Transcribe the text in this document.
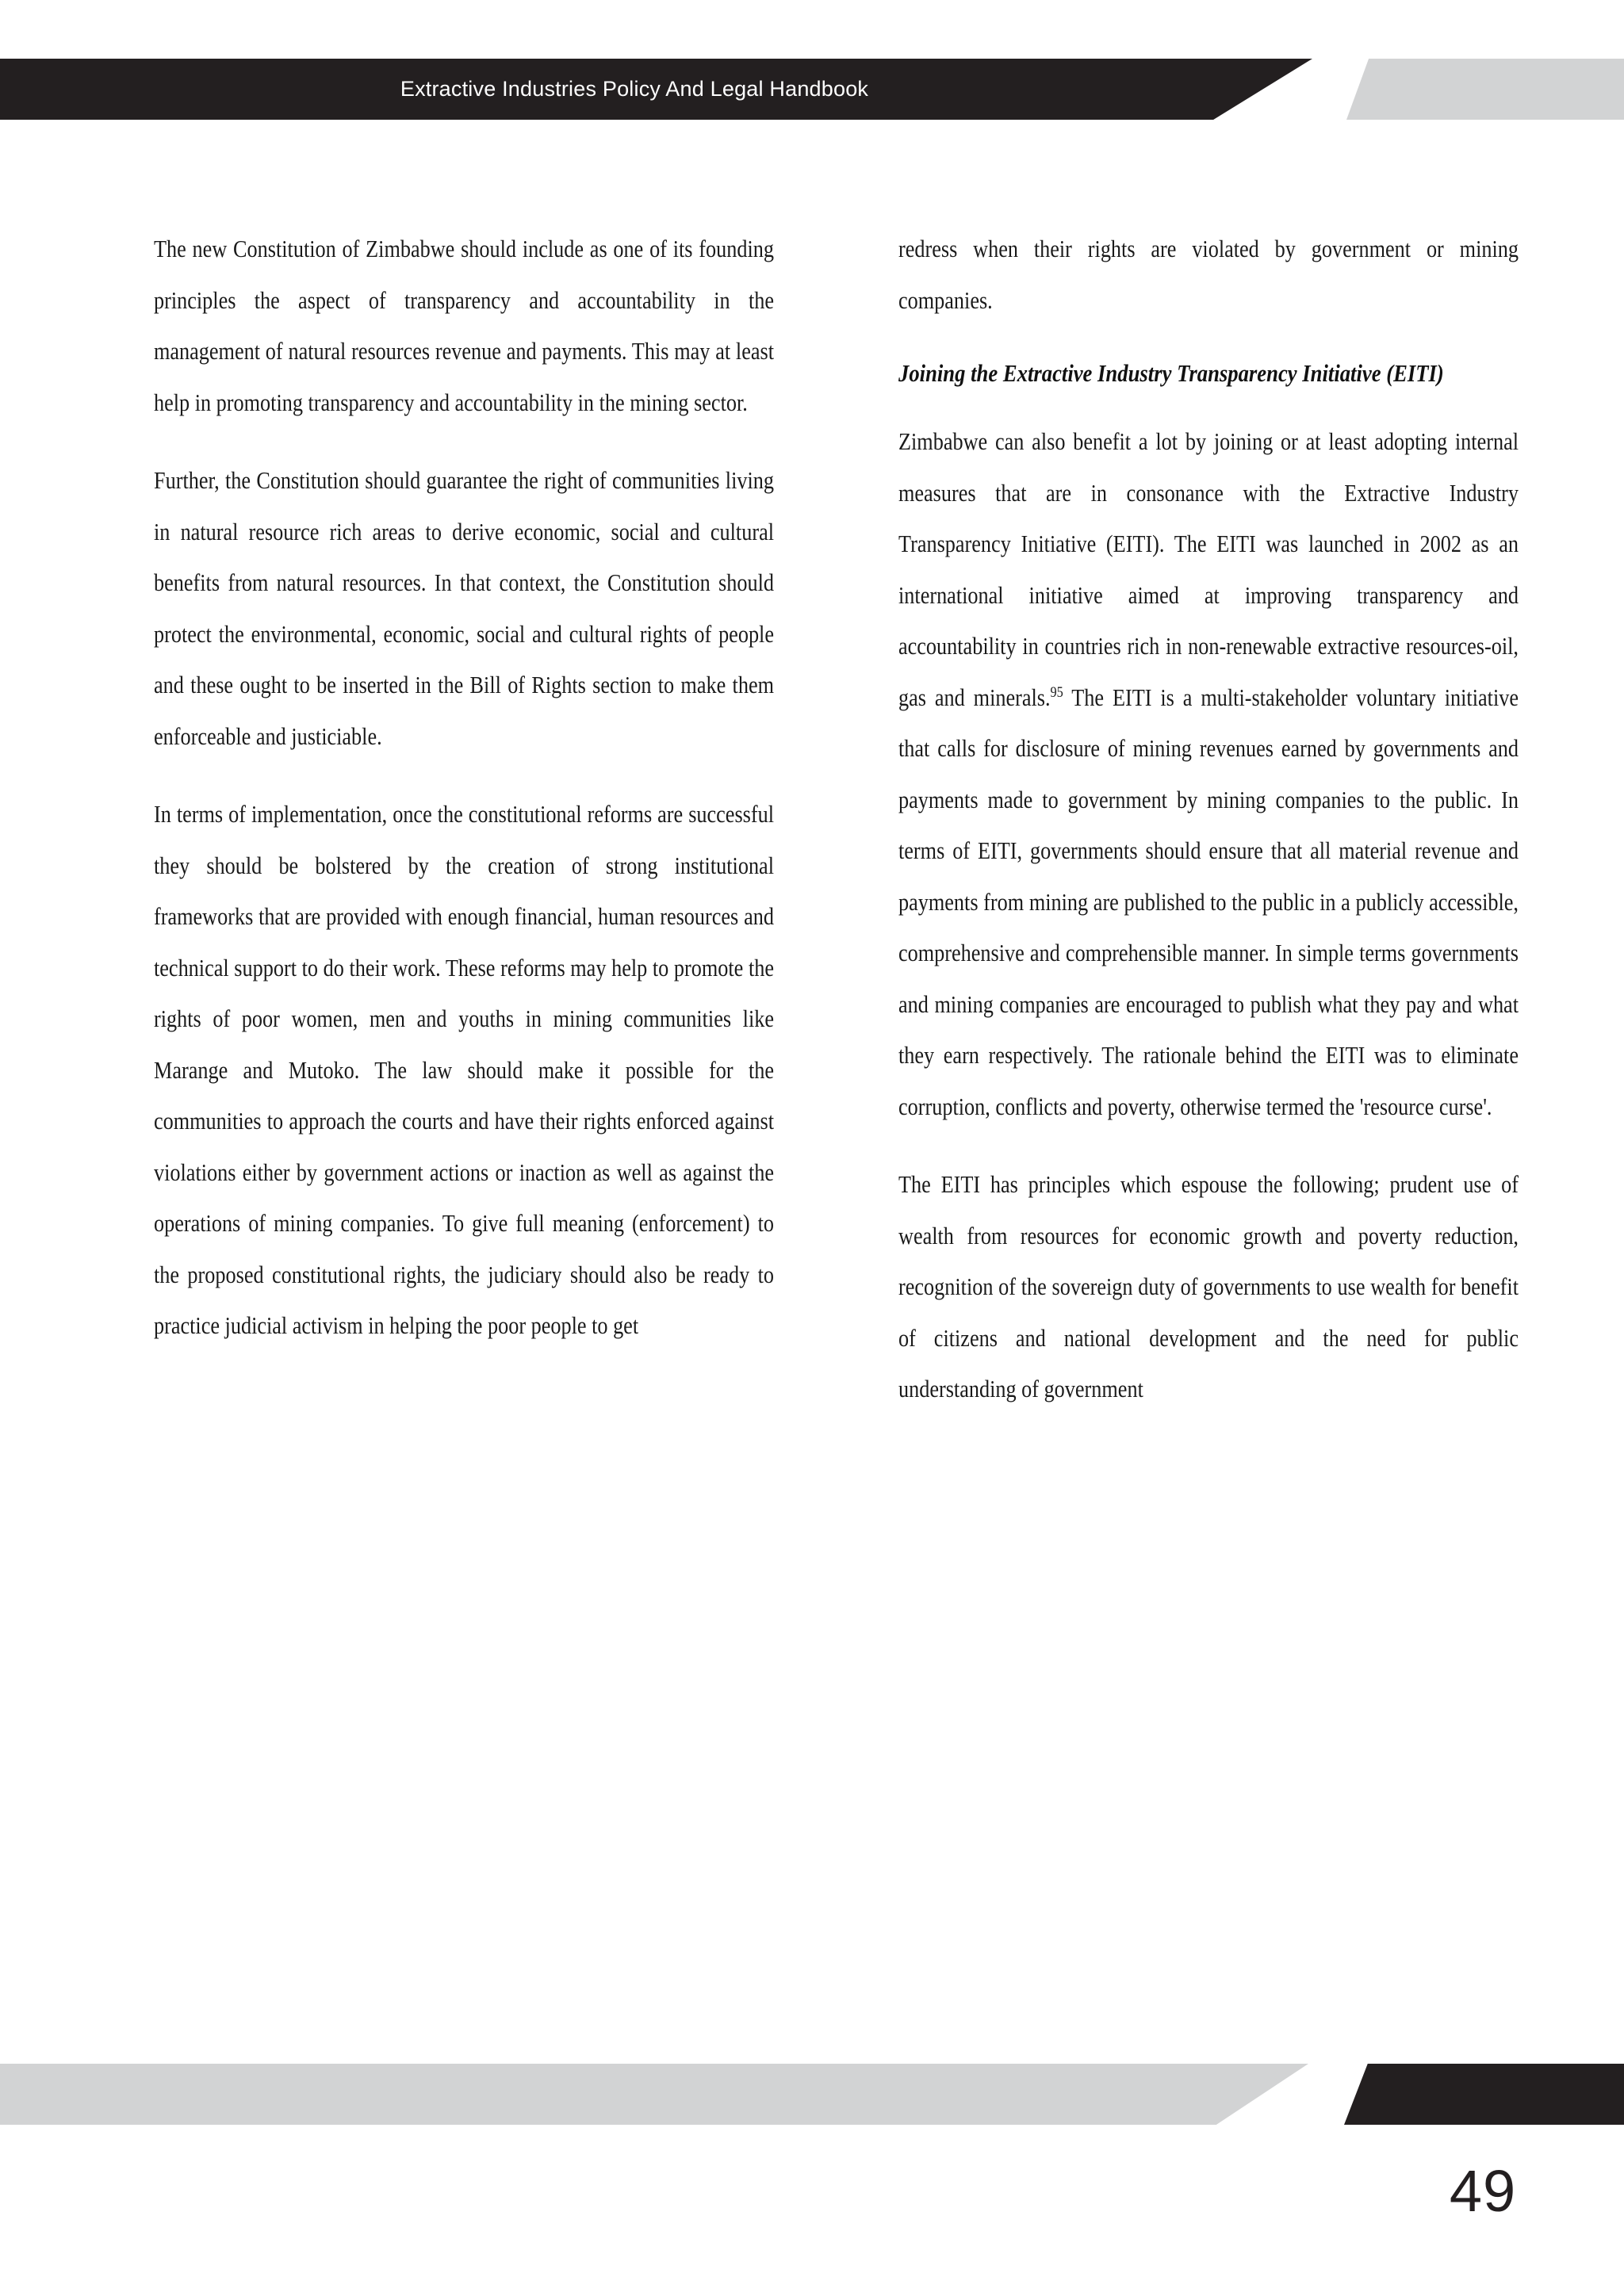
Extractive Industries Policy And Legal Handbook

The new Constitution of Zimbabwe should include as one of its founding principles the aspect of transparency and accountability in the management of natural resources revenue and payments. This may at least help in promoting transparency and accountability in the mining sector.

Further, the Constitution should guarantee the right of communities living in natural resource rich areas to derive economic, social and cultural benefits from natural resources. In that context, the Constitution should protect the environmental, economic, social and cultural rights of people and these ought to be inserted in the Bill of Rights section to make them enforceable and justiciable.

In terms of implementation, once the constitutional reforms are successful they should be bolstered by the creation of strong institutional frameworks that are provided with enough financial, human resources and technical support to do their work. These reforms may help to promote the rights of poor women, men and youths in mining communities like Marange and Mutoko. The law should make it possible for the communities to approach the courts and have their rights enforced against violations either by government actions or inaction as well as against the operations of mining companies. To give full meaning (enforcement) to the proposed constitutional rights, the judiciary should also be ready to practice judicial activism in helping the poor people to get

redress when their rights are violated by government or mining companies.

Joining the Extractive Industry Transparency Initiative (EITI)

Zimbabwe can also benefit a lot by joining or at least adopting internal measures that are in consonance with the Extractive Industry Transparency Initiative (EITI). The EITI was launched in 2002 as an international initiative aimed at improving transparency and accountability in countries rich in non-renewable extractive resources-oil, gas and minerals.$^{95}$ The EITI is a multi-stakeholder voluntary initiative that calls for disclosure of mining revenues earned by governments and payments made to government by mining companies to the public. In terms of EITI, governments should ensure that all material revenue and payments from mining are published to the public in a publicly accessible, comprehensive and comprehensible manner. In simple terms governments and mining companies are encouraged to publish what they pay and what they earn respectively. The rationale behind the EITI was to eliminate corruption, conflicts and poverty, otherwise termed the 'resource curse'.

The EITI has principles which espouse the following; prudent use of wealth from resources for economic growth and poverty reduction, recognition of the sovereign duty of governments to use wealth for benefit of citizens and national development and the need for public understanding of government

49
